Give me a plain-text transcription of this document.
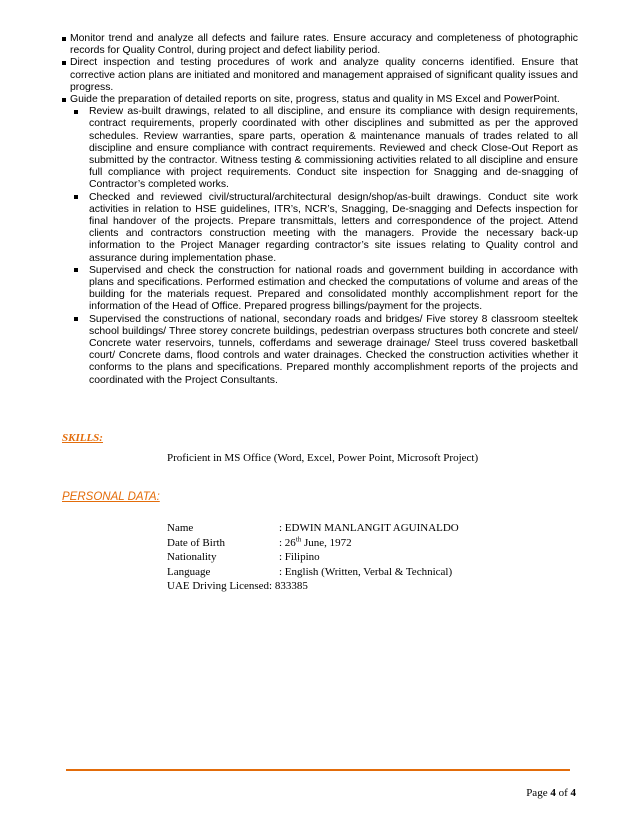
Monitor trend and analyze all defects and failure rates. Ensure accuracy and completeness of photographic records for Quality Control, during project and defect liability period.
Direct inspection and testing procedures of work and analyze quality concerns identified. Ensure that corrective action plans are initiated and monitored and management appraised of significant quality issues and progress.
Guide the preparation of detailed reports on site, progress, status and quality in MS Excel and PowerPoint.
Review as-built drawings, related to all discipline, and ensure its compliance with design requirements, contract requirements, properly coordinated with other disciplines and submitted as per the approved schedules. Review warranties, spare parts, operation & maintenance manuals of trades related to all discipline and ensure compliance with contract requirements. Reviewed and check Close-Out Report as submitted by the contractor. Witness testing & commissioning activities related to all discipline and ensure full compliance with project requirements. Conduct site inspection for Snagging and de-snagging of Contractor’s completed works.
Checked and reviewed civil/structural/architectural design/shop/as-built drawings. Conduct site work activities in relation to HSE guidelines, ITR’s, NCR’s, Snagging, De-snagging and Defects inspection for final handover of the projects. Prepare transmittals, letters and correspondence of the project. Attend clients and contractors construction meeting with the managers. Provide the necessary back-up information to the Project Manager regarding contractor’s site issues relating to Quality control and assurance during implementation phase.
Supervised and check the construction for national roads and government building in accordance with plans and specifications. Performed estimation and checked the computations of volume and areas of the building for the materials request. Prepared and consolidated monthly accomplishment report for the information of the Head of Office. Prepared progress billings/payment for the projects.
Supervised the constructions of national, secondary roads and bridges/ Five storey 8 classroom steeltek school buildings/ Three storey concrete buildings, pedestrian overpass structures both concrete and steel/ Concrete water reservoirs, tunnels, cofferdams and sewerage drainage/ Steel truss covered basketball court/ Concrete dams, flood controls and water drainages. Checked the construction activities whether it conforms to the plans and specifications. Prepared monthly accomplishment reports of the projects and coordinated with the Project Consultants.
SKILLS:
Proficient in MS Office (Word, Excel, Power Point, Microsoft Project)
PERSONAL DATA:
Name	: EDWIN MANLANGIT AGUINALDO
Date of Birth	: 26th June, 1972
Nationality	: Filipino
Language	: English (Written, Verbal & Technical)
UAE Driving Licensed: 833385
Page 4 of 4
